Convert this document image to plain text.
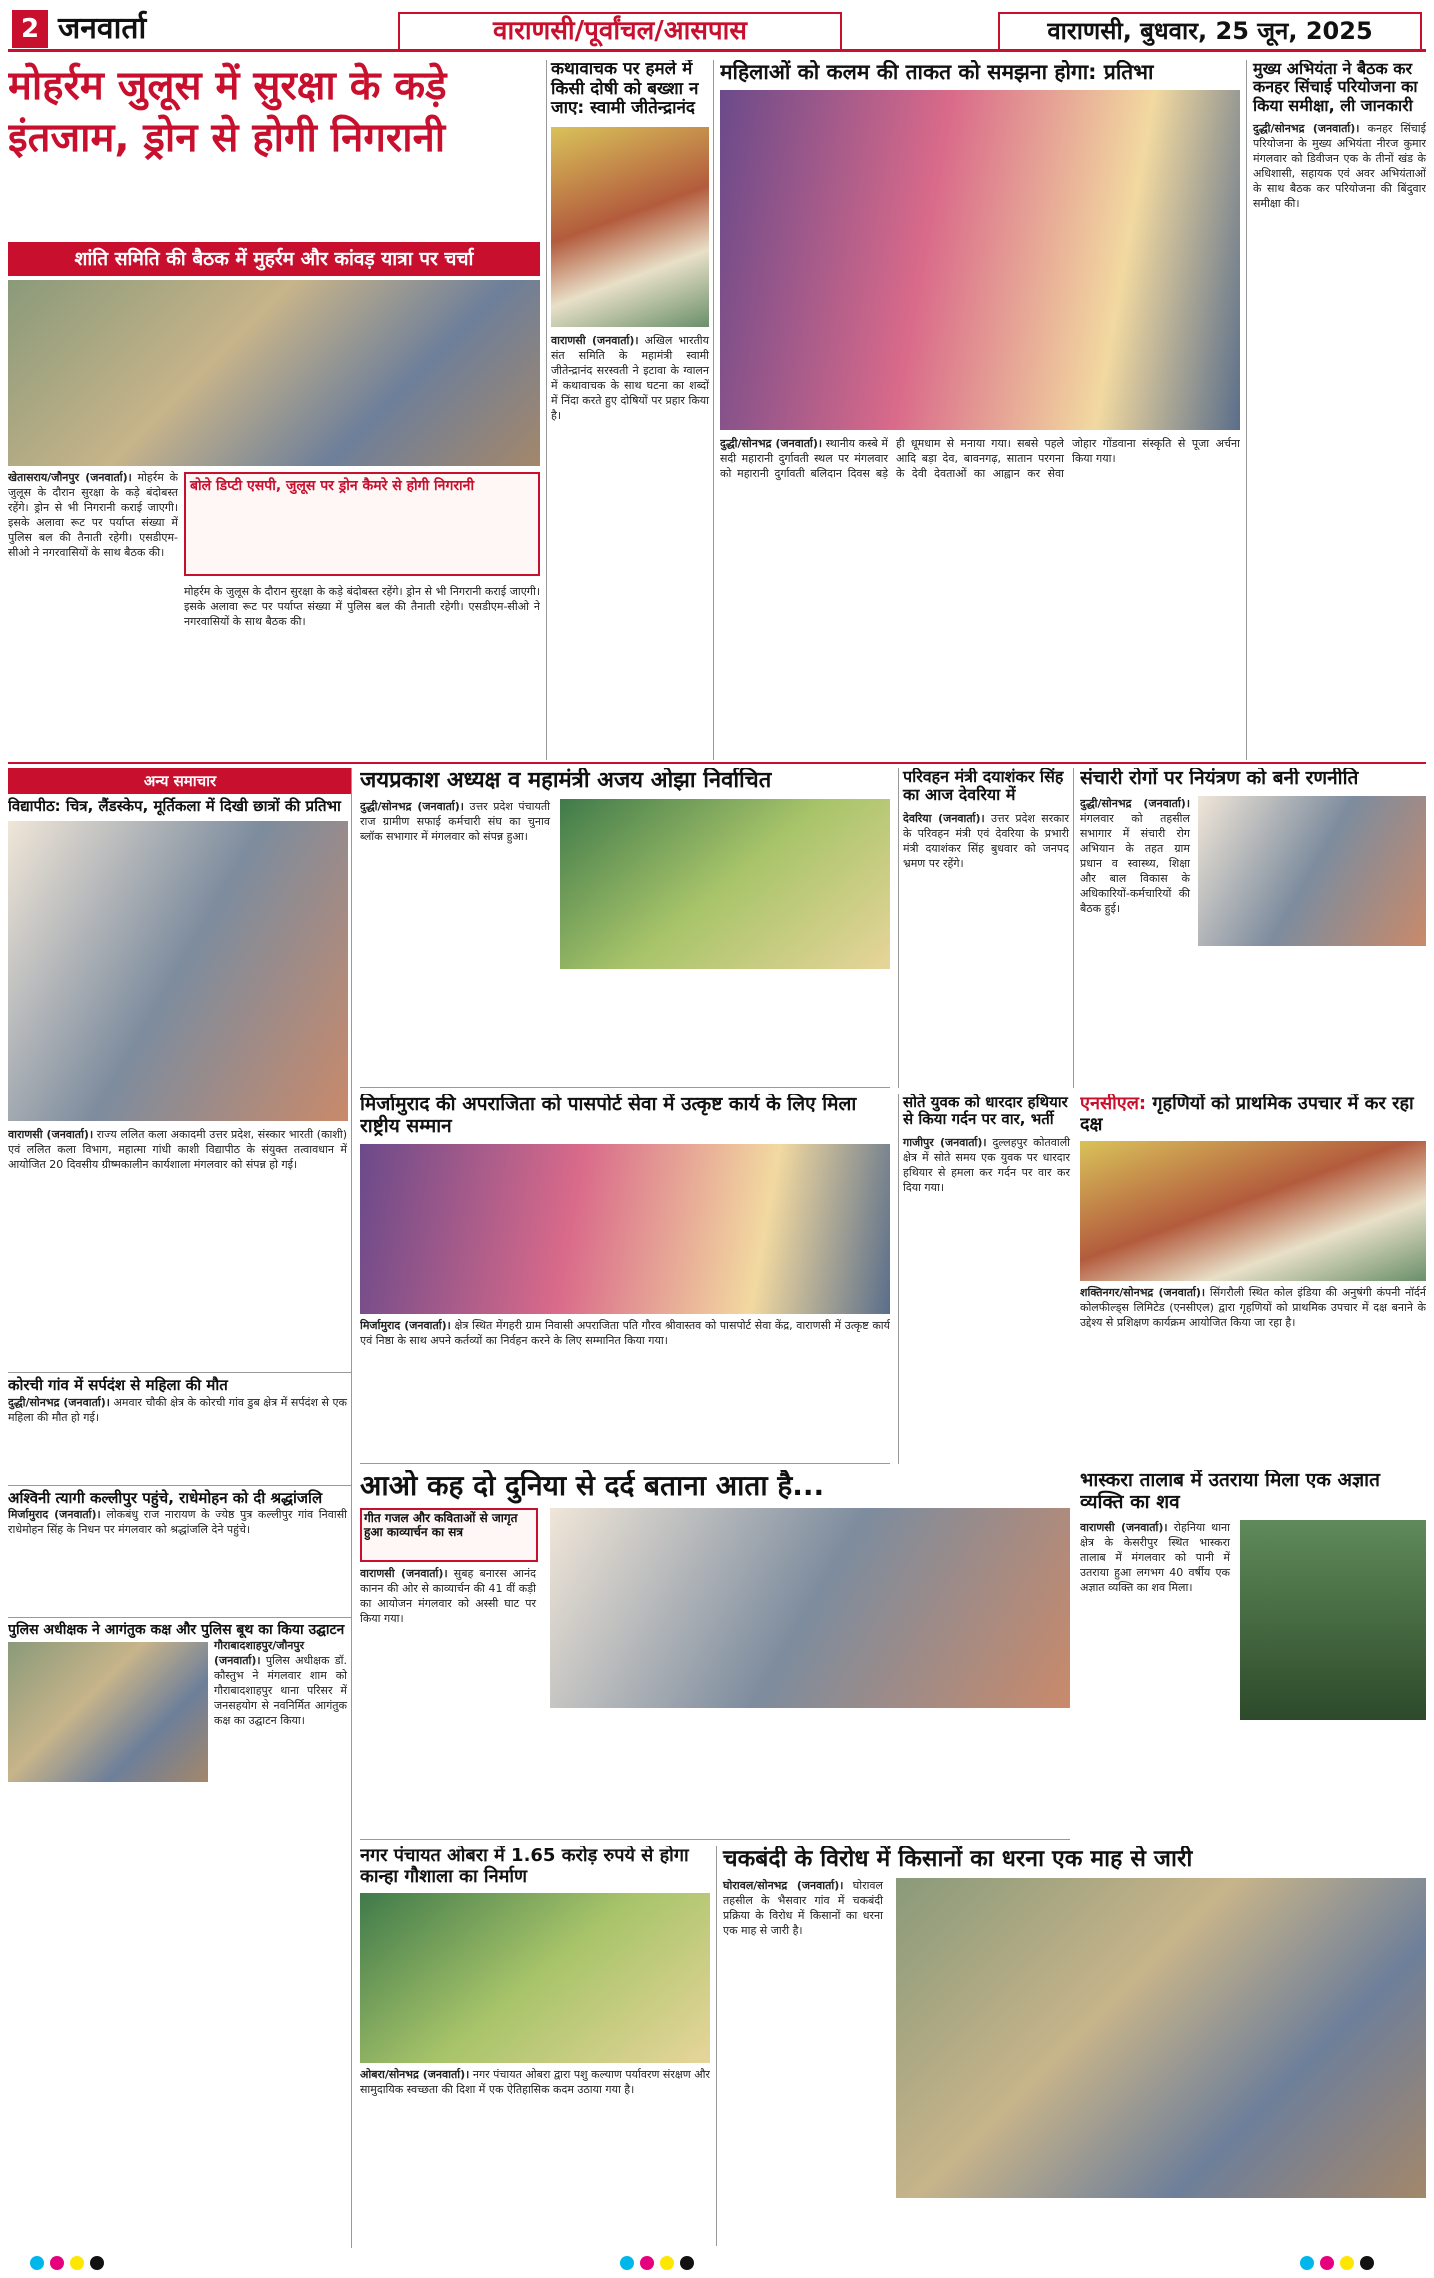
2 जनवार्ता	वाराणसी/पूर्वांचल/आसपास	वाराणसी, बुधवार, 25 जून, 2025
मोहर्रम जुलूस में सुरक्षा के कड़े इंतजाम, ड्रोन से होगी निगरानी
शांति समिति की बैठक में मुहर्रम और कांवड़ यात्रा पर चर्चा
खेतासराय/जौनपुर (जनवार्ता)। मोहर्रम के जुलूस के दौरान सुरक्षा के कड़े बंदोबस्त रहेंगे। ड्रोन से भी निगरानी कराई जाएगी। इसके अलावा रूट पर पर्याप्त संख्या में पुलिस बल की तैनाती रहेगी। एसडीएम-सीओ ने नगरवासियों के साथ बैठक की।
बोले डिप्टी एसपी, जुलूस पर ड्रोन कैमरे से होगी निगरानी
मोहर्रम के जुलूस के दौरान सुरक्षा के कड़े बंदोबस्त रहेंगे। ड्रोन से भी निगरानी कराई जाएगी। इसके अलावा रूट पर पर्याप्त संख्या में पुलिस बल की तैनाती रहेगी। एसडीएम-सीओ ने नगरवासियों के साथ बैठक की।
कथावाचक पर हमले में किसी दोषी को बख्शा न जाए: स्वामी जीतेन्द्रानंद
वाराणसी (जनवार्ता)। अखिल भारतीय संत समिति के महामंत्री स्वामी जीतेन्द्रानंद सरस्वती ने इटावा के ग्वालन में कथावाचक के साथ घटना का शब्दों में निंदा करते हुए दोषियों पर प्रहार किया है।
महिलाओं को कलम की ताकत को समझना होगा: प्रतिभा
दुद्धी/सोनभद्र (जनवार्ता)। स्थानीय कस्बे में सदी महारानी दुर्गावती स्थल पर मंगलवार को महारानी दुर्गावती बलिदान दिवस बड़े ही धूमधाम से मनाया गया। सबसे पहले आदि बड़ा देव, बावनगढ़, सातान परगना के देवी देवताओं का आह्वान कर सेवा जोहार गोंडवाना संस्कृति से पूजा अर्चना किया गया।
मुख्य अभियंता ने बैठक कर कनहर सिंचाई परियोजना का किया समीक्षा, ली जानकारी
दुद्धी/सोनभद्र (जनवार्ता)। कनहर सिंचाई परियोजना के मुख्य अभियंता नीरज कुमार मंगलवार को डिवीजन एक के तीनों खंड के अधिशासी, सहायक एवं अवर अभियंताओं के साथ बैठक कर परियोजना की बिंदुवार समीक्षा की।
अन्य समाचार
विद्यापीठ: चित्र, लैंडस्केप, मूर्तिकला में दिखी छात्रों की प्रतिभा
वाराणसी (जनवार्ता)। राज्य ललित कला अकादमी उत्तर प्रदेश, संस्कार भारती (काशी) एवं ललित कला विभाग, महात्मा गांधी काशी विद्यापीठ के संयुक्त तत्वावधान में आयोजित 20 दिवसीय ग्रीष्मकालीन कार्यशाला मंगलवार को संपन्न हो गई।
कोरची गांव में सर्पदंश से महिला की मौत
दुद्धी/सोनभद्र (जनवार्ता)। अमवार चौकी क्षेत्र के कोरची गांव डुब क्षेत्र में सर्पदंश से एक महिला की मौत हो गई।
अश्विनी त्यागी कल्लीपुर पहुंचे, राधेमोहन को दी श्रद्धांजलि
मिर्जामुराद (जनवार्ता)। लोकबंधु राज नारायण के ज्येष्ठ पुत्र कल्लीपुर गांव निवासी राधेमोहन सिंह के निधन पर मंगलवार को श्रद्धांजलि देने पहुंचे।
पुलिस अधीक्षक ने आगंतुक कक्ष और पुलिस बूथ का किया उद्घाटन
गौराबादशाहपुर/जौनपुर (जनवार्ता)। पुलिस अधीक्षक डॉ. कौस्तुभ ने मंगलवार शाम को गौराबादशाहपुर थाना परिसर में जनसहयोग से नवनिर्मित आगंतुक कक्ष का उद्घाटन किया।
जयप्रकाश अध्यक्ष व महामंत्री अजय ओझा निर्वाचित
दुद्धी/सोनभद्र (जनवार्ता)। उत्तर प्रदेश पंचायती राज ग्रामीण सफाई कर्मचारी संघ का चुनाव ब्लॉक सभागार में मंगलवार को संपन्न हुआ।
परिवहन मंत्री दयाशंकर सिंह का आज देवरिया में
देवरिया (जनवार्ता)। उत्तर प्रदेश सरकार के परिवहन मंत्री एवं देवरिया के प्रभारी मंत्री दयाशंकर सिंह बुधवार को जनपद भ्रमण पर रहेंगे।
संचारी रोगों पर नियंत्रण को बनी रणनीति
दुद्धी/सोनभद्र (जनवार्ता)। मंगलवार को तहसील सभागार में संचारी रोग अभियान के तहत ग्राम प्रधान व स्वास्थ्य, शिक्षा और बाल विकास के अधिकारियों-कर्मचारियों की बैठक हुई।
मिर्जामुराद की अपराजिता को पासपोर्ट सेवा में उत्कृष्ट कार्य के लिए मिला राष्ट्रीय सम्मान
मिर्जामुराद (जनवार्ता)। क्षेत्र स्थित मेंगहरी ग्राम निवासी अपराजिता पति गौरव श्रीवास्तव को पासपोर्ट सेवा केंद्र, वाराणसी में उत्कृष्ट कार्य एवं निष्ठा के साथ अपने कर्तव्यों का निर्वहन करने के लिए सम्मानित किया गया।
सोते युवक को धारदार हथियार से किया गर्दन पर वार, भर्ती
गाजीपुर (जनवार्ता)। दुल्लहपुर कोतवाली क्षेत्र में सोते समय एक युवक पर धारदार हथियार से हमला कर गर्दन पर वार कर दिया गया।
एनसीएल: गृहणियों को प्राथमिक उपचार में कर रहा दक्ष
शक्तिनगर/सोनभद्र (जनवार्ता)। सिंगरौली स्थित कोल इंडिया की अनुषंगी कंपनी नॉर्दर्न कोलफील्ड्स लिमिटेड (एनसीएल) द्वारा गृहणियों को प्राथमिक उपचार में दक्ष बनाने के उद्देश्य से प्रशिक्षण कार्यक्रम आयोजित किया जा रहा है।
आओ कह दो दुनिया से दर्द बताना आता है...
गीत गजल और कविताओं से जागृत हुआ काव्यार्चन का सत्र
वाराणसी (जनवार्ता)। सुबह बनारस आनंद कानन की ओर से काव्यार्चन की 41 वीं कड़ी का आयोजन मंगलवार को अस्सी घाट पर किया गया।
भास्करा तालाब में उतराया मिला एक अज्ञात व्यक्ति का शव
वाराणसी (जनवार्ता)। रोहनिया थाना क्षेत्र के केसरीपुर स्थित भास्करा तालाब में मंगलवार को पानी में उतराया हुआ लगभग 40 वर्षीय एक अज्ञात व्यक्ति का शव मिला।
नगर पंचायत ओबरा में 1.65 करोड़ रुपये से होगा कान्हा गौशाला का निर्माण
ओबरा/सोनभद्र (जनवार्ता)। नगर पंचायत ओबरा द्वारा पशु कल्याण पर्यावरण संरक्षण और सामुदायिक स्वच्छता की दिशा में एक ऐतिहासिक कदम उठाया गया है।
चकबंदी के विरोध में किसानों का धरना एक माह से जारी
घोरावल/सोनभद्र (जनवार्ता)। घोरावल तहसील के भैसवार गांव में चकबंदी प्रक्रिया के विरोध में किसानों का धरना एक माह से जारी है।
